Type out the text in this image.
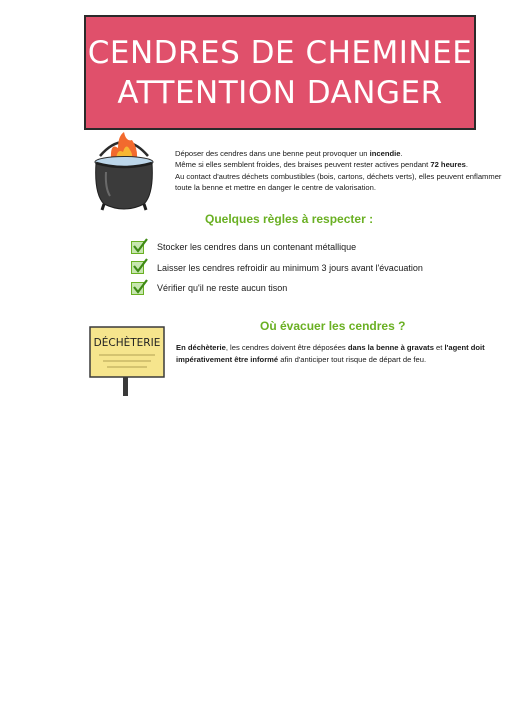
CENDRES DE CHEMINEE
ATTENTION DANGER

Déposer des cendres dans une benne peut provoquer un incendie.

Même si elles semblent froides, des braises peuvent rester actives pendant 72 heures.

Au contact d'autres déchets combustibles (bois, cartons, déchets verts), elles peuvent enflammer toute la benne et mettre en danger le centre de valorisation.

Quelques règles à respecter :
Stocker les cendres dans un contenant métallique
Laisser les cendres refroidir au minimum 3 jours avant l'évacuation
Vérifier qu'il ne reste aucun tison
Où évacuer les cendres ?
DÉCHÈTERIE En déchèterie, les cendres doivent être déposées dans la benne à gravats et l'agent doit impérativement être informé afin d'anticiper tout risque de départ de feu.
